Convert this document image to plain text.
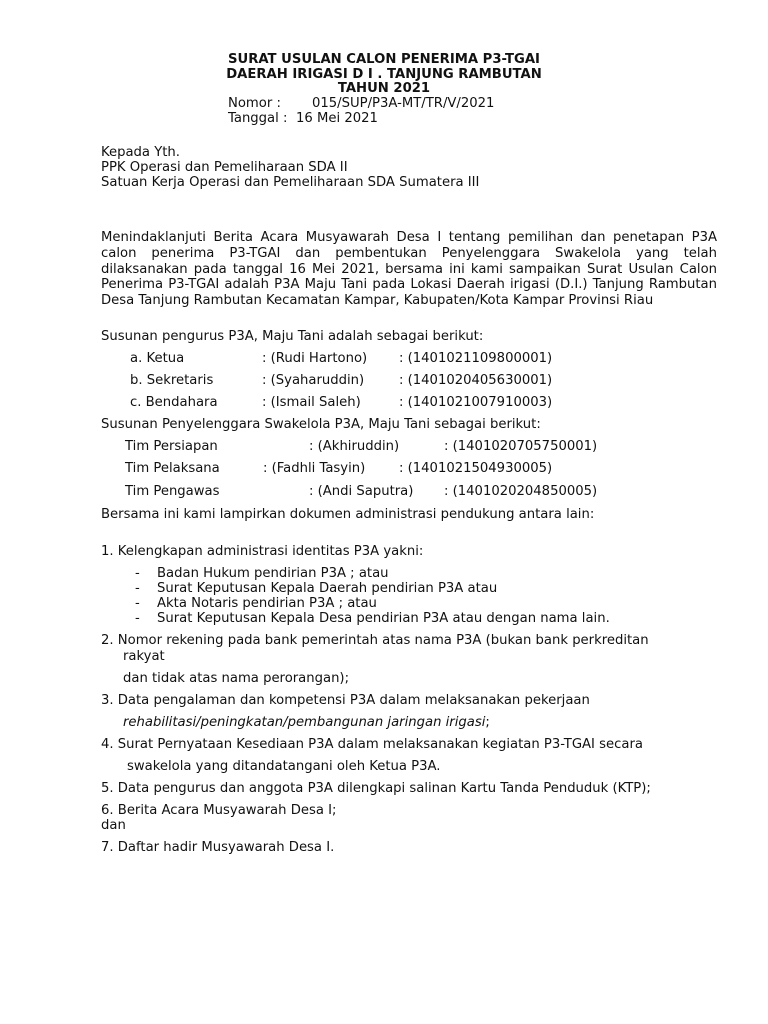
SURAT USULAN CALON PENERIMA P3-TGAI
DAERAH IRIGASI D I . TANJUNG RAMBUTAN
TAHUN 2021
Nomor : 015/SUP/P3A-MT/TR/V/2021
Tanggal : 16 Mei 2021
Kepada Yth.
PPK Operasi dan Pemeliharaan SDA II
Satuan Kerja Operasi dan Pemeliharaan SDA Sumatera III
Menindaklanjuti Berita Acara Musyawarah Desa I tentang pemilihan dan penetapan P3A calon penerima P3-TGAI dan pembentukan Penyelenggara Swakelola yang telah dilaksanakan pada tanggal 16 Mei 2021, bersama ini kami sampaikan Surat Usulan Calon Penerima P3-TGAI adalah P3A Maju Tani pada Lokasi Daerah irigasi (D.I.) Tanjung Rambutan Desa Tanjung Rambutan Kecamatan Kampar, Kabupaten/Kota Kampar Provinsi Riau
Susunan pengurus P3A, Maju Tani adalah sebagai berikut:
a. Ketua	: (Rudi Hartono) : (1401021109800001)
b. Sekretaris	: (Syaharuddin)	: (1401020405630001)
c. Bendahara	: (Ismail Saleh)	: (1401021007910003)
Susunan Penyelenggara Swakelola P3A, Maju Tani sebagai berikut:
Tim Persiapan	: (Akhiruddin)	: (1401020705750001)
Tim Pelaksana	: (Fadhli Tasyin)	: (1401021504930005)
Tim Pengawas	: (Andi Saputra) : (1401020204850005)
Bersama ini kami lampirkan dokumen administrasi pendukung antara lain:
1. Kelengkapan administrasi identitas P3A yakni:
- Badan Hukum pendirian P3A ; atau
- Surat Keputusan Kepala Daerah pendirian P3A atau
- Akta Notaris pendirian P3A ; atau
- Surat Keputusan Kepala Desa pendirian P3A atau dengan nama lain.
2. Nomor rekening pada bank pemerintah atas nama P3A (bukan bank perkreditan
rakyat
dan tidak atas nama perorangan);
3. Data pengalaman dan kompetensi P3A dalam melaksanakan pekerjaan
rehabilitasi/peningkatan/pembangunan jaringan irigasi;
4. Surat Pernyataan Kesediaan P3A dalam melaksanakan kegiatan P3-TGAI secara
swakelola yang ditandatangani oleh Ketua P3A.
5. Data pengurus dan anggota P3A dilengkapi salinan Kartu Tanda Penduduk (KTP);
6. Berita Acara Musyawarah Desa I;
dan
7. Daftar hadir Musyawarah Desa I.
